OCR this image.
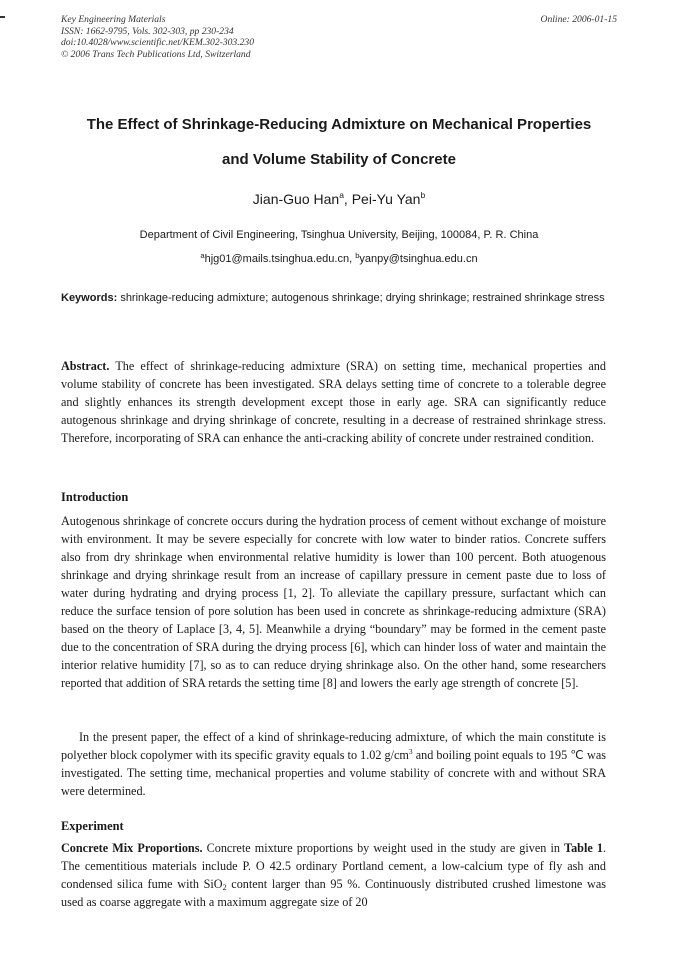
Key Engineering Materials
ISSN: 1662-9795, Vols. 302-303, pp 230-234
doi:10.4028/www.scientific.net/KEM.302-303.230
© 2006 Trans Tech Publications Ltd, Switzerland
Online: 2006-01-15
The Effect of Shrinkage-Reducing Admixture on Mechanical Properties
and Volume Stability of Concrete
Jian-Guo Han$^a$, Pei-Yu Yan$^b$
Department of Civil Engineering, Tsinghua University, Beijing, 100084, P. R. China
$^a$hjg01@mails.tsinghua.edu.cn, $^b$yanpy@tsinghua.edu.cn
Keywords: shrinkage-reducing admixture; autogenous shrinkage; drying shrinkage; restrained shrinkage stress
Abstract. The effect of shrinkage-reducing admixture (SRA) on setting time, mechanical properties and volume stability of concrete has been investigated. SRA delays setting time of concrete to a tolerable degree and slightly enhances its strength development except those in early age. SRA can significantly reduce autogenous shrinkage and drying shrinkage of concrete, resulting in a decrease of restrained shrinkage stress. Therefore, incorporating of SRA can enhance the anti-cracking ability of concrete under restrained condition.
Introduction
Autogenous shrinkage of concrete occurs during the hydration process of cement without exchange of moisture with environment. It may be severe especially for concrete with low water to binder ratios. Concrete suffers also from dry shrinkage when environmental relative humidity is lower than 100 percent. Both atuogenous shrinkage and drying shrinkage result from an increase of capillary pressure in cement paste due to loss of water during hydrating and drying process [1, 2]. To alleviate the capillary pressure, surfactant which can reduce the surface tension of pore solution has been used in concrete as shrinkage-reducing admixture (SRA) based on the theory of Laplace [3, 4, 5]. Meanwhile a drying “boundary” may be formed in the cement paste due to the concentration of SRA during the drying process [6], which can hinder loss of water and maintain the interior relative humidity [7], so as to can reduce drying shrinkage also. On the other hand, some researchers reported that addition of SRA retards the setting time [8] and lowers the early age strength of concrete [5].
In the present paper, the effect of a kind of shrinkage-reducing admixture, of which the main constitute is polyether block copolymer with its specific gravity equals to 1.02 $g/cm^3$ and boiling point equals to 195 ℃ was investigated. The setting time, mechanical properties and volume stability of concrete with and without SRA were determined.
Experiment
Concrete Mix Proportions. Concrete mixture proportions by weight used in the study are given in Table 1. The cementitious materials include P. O 42.5 ordinary Portland cement, a low-calcium type of fly ash and condensed silica fume with SiO$_2$ content larger than 95 %. Continuously distributed crushed limestone was used as coarse aggregate with a maximum aggregate size of 20
